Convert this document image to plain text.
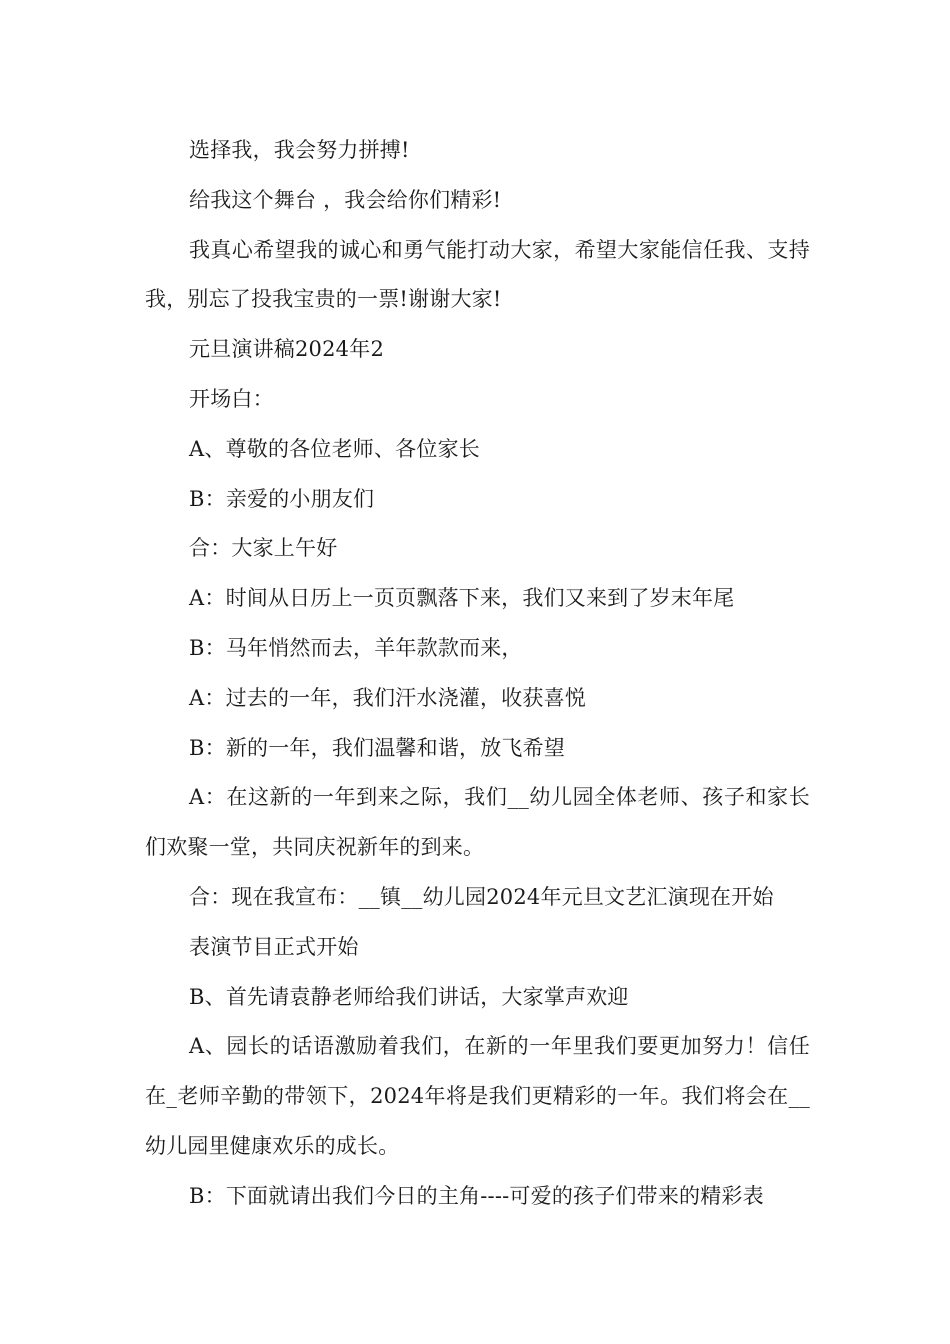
选择我，我会努力拼搏!

给我这个舞台 ，我会给你们精彩!

我真心希望我的诚心和勇气能打动大家，希望大家能信任我、支持我，别忘了投我宝贵的一票!谢谢大家!

元旦演讲稿2024年2

开场白：

A、尊敬的各位老师、各位家长

B：亲爱的小朋友们

合：大家上午好

A：时间从日历上一页页飘落下来，我们又来到了岁末年尾

B：马年悄然而去，羊年款款而来，

A：过去的一年，我们汗水浇灌，收获喜悦

B：新的一年，我们温馨和谐，放飞希望

A：在这新的一年到来之际，我们__幼儿园全体老师、孩子和家长们欢聚一堂，共同庆祝新年的到来。

合：现在我宣布：__镇__幼儿园2024年元旦文艺汇演现在开始

表演节目正式开始

B、首先请袁静老师给我们讲话，大家掌声欢迎

A、园长的话语激励着我们，在新的一年里我们要更加努力！信任在_老师辛勤的带领下，2024年将是我们更精彩的一年。我们将会在__幼儿园里健康欢乐的成长。

B：下面就请出我们今日的主角----可爱的孩子们带来的精彩表
